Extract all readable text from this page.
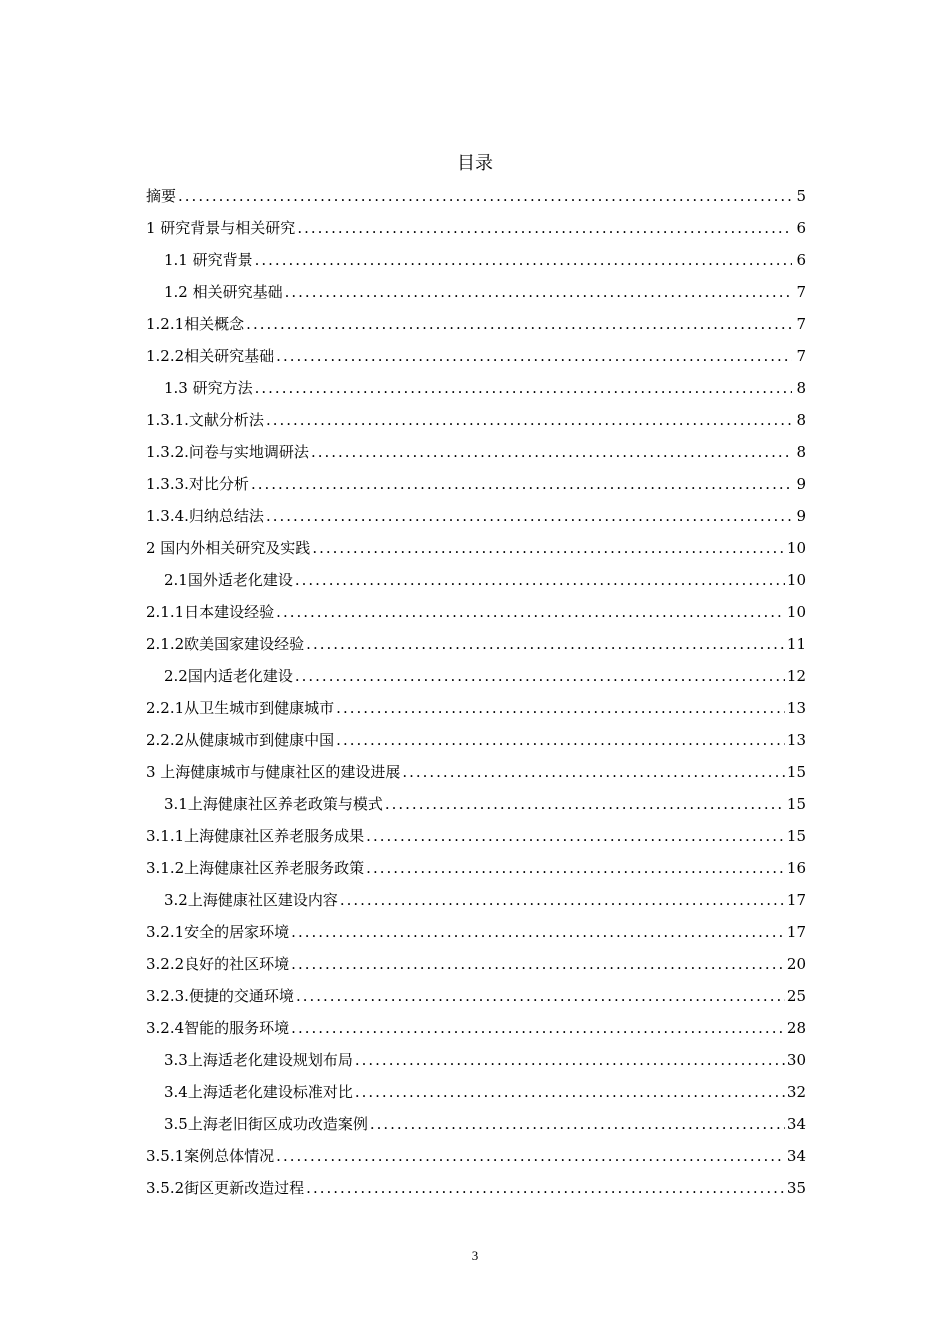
目录
摘要 .....	5
1 研究背景与相关研究 .....	6
1.1 研究背景 .....	6
1.2 相关研究基础 .....	7
1.2.1相关概念 .....	7
1.2.2相关研究基础 .....	7
1.3 研究方法 .....	8
1.3.1.文献分析法 .....	8
1.3.2.问卷与实地调研法 .....	8
1.3.3.对比分析 .....	9
1.3.4.归纳总结法 .....	9
2 国内外相关研究及实践 .....	10
2.1国外适老化建设 .....	10
2.1.1日本建设经验 .....	10
2.1.2欧美国家建设经验 .....	11
2.2国内适老化建设 .....	12
2.2.1从卫生城市到健康城市 .....	13
2.2.2从健康城市到健康中国 .....	13
3 上海健康城市与健康社区的建设进展 .....	15
3.1上海健康社区养老政策与模式 .....	15
3.1.1上海健康社区养老服务成果 .....	15
3.1.2上海健康社区养老服务政策 .....	16
3.2上海健康社区建设内容 .....	17
3.2.1安全的居家环境 .....	17
3.2.2良好的社区环境 .....	20
3.2.3.便捷的交通环境 .....	25
3.2.4智能的服务环境 .....	28
3.3上海适老化建设规划布局 .....	30
3.4上海适老化建设标准对比 .....	32
3.5上海老旧街区成功改造案例 .....	34
3.5.1案例总体情况 .....	34
3.5.2街区更新改造过程 .....	35
3
